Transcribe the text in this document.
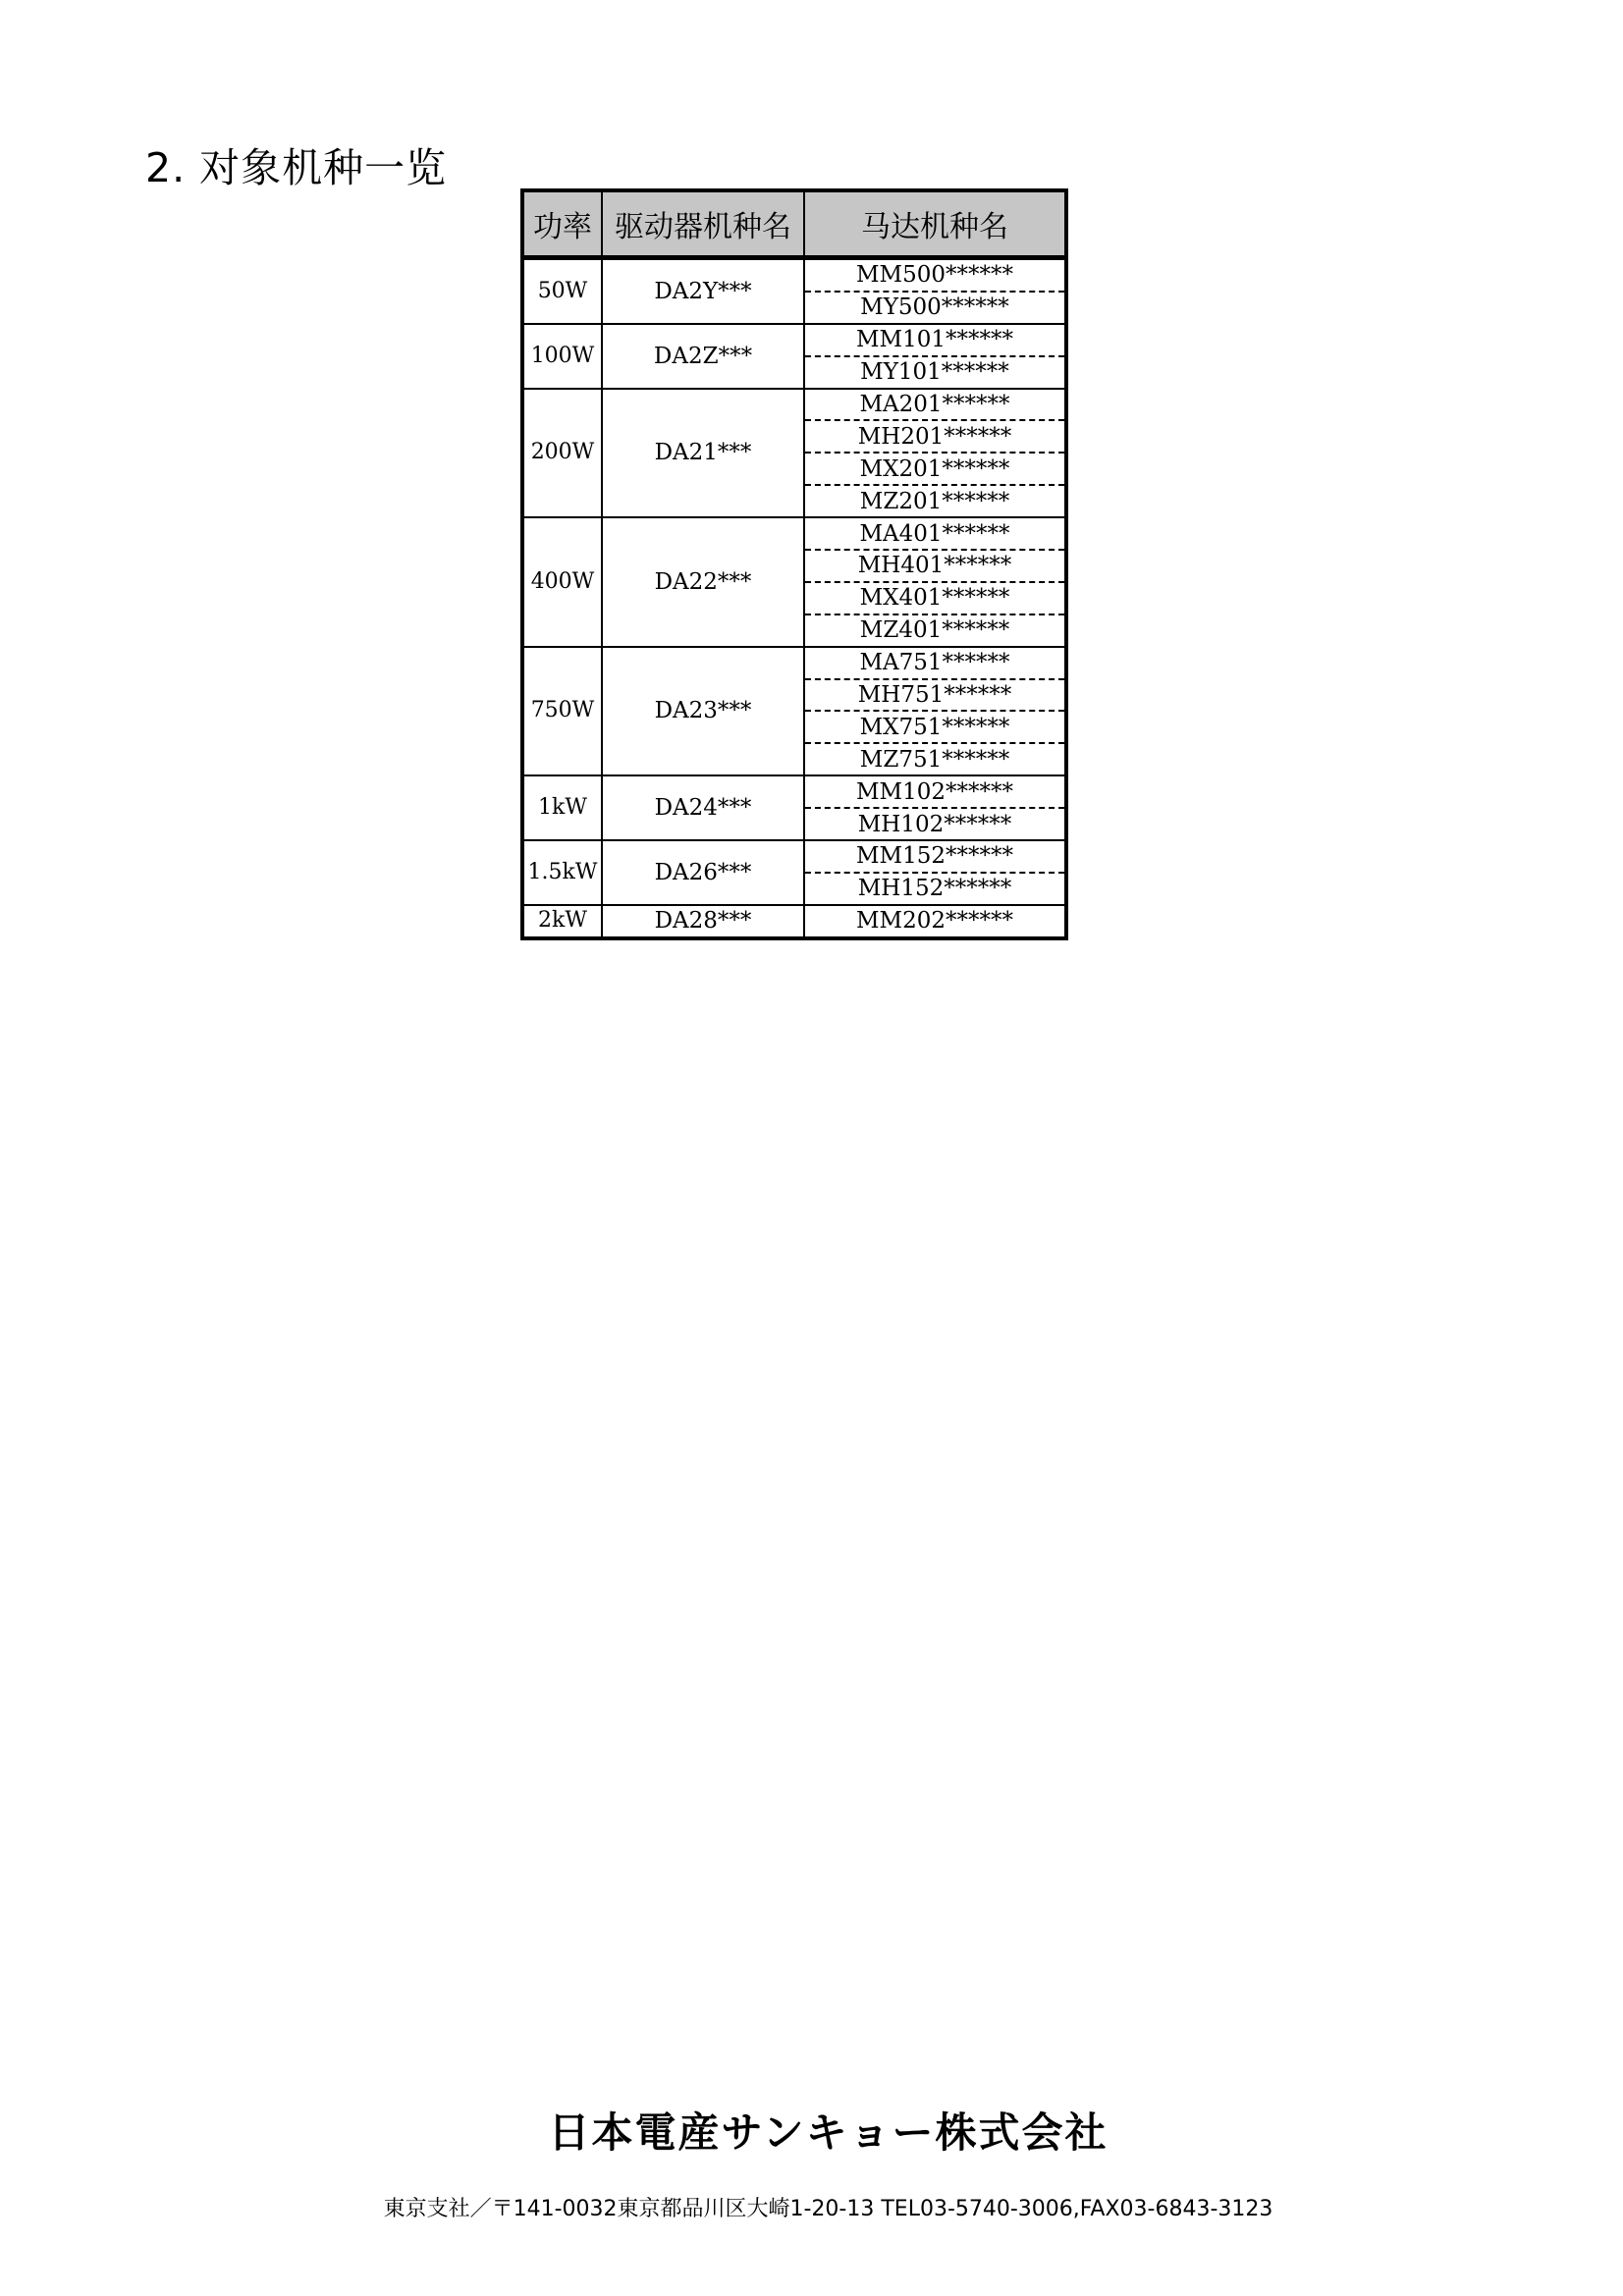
2. 对象机种一览
功率	驱动器机种名	马达机种名
50W	DA2Y***	MM500******
		MY500******
100W	DA2Z***	MM101******
		MY101******
200W	DA21***	MA201******
		MH201******
		MX201******
		MZ201******
400W	DA22***	MA401******
		MH401******
		MX401******
		MZ401******
750W	DA23***	MA751******
		MH751******
		MX751******
		MZ751******
1kW	DA24***	MM102******
		MH102******
1.5kW	DA26***	MM152******
		MH152******
2kW	DA28***	MM202******
日本電産サンキョー株式会社
東京支社／〒141-0032東京都品川区大崎1-20-13 TEL03-5740-3006,FAX03-6843-3123
